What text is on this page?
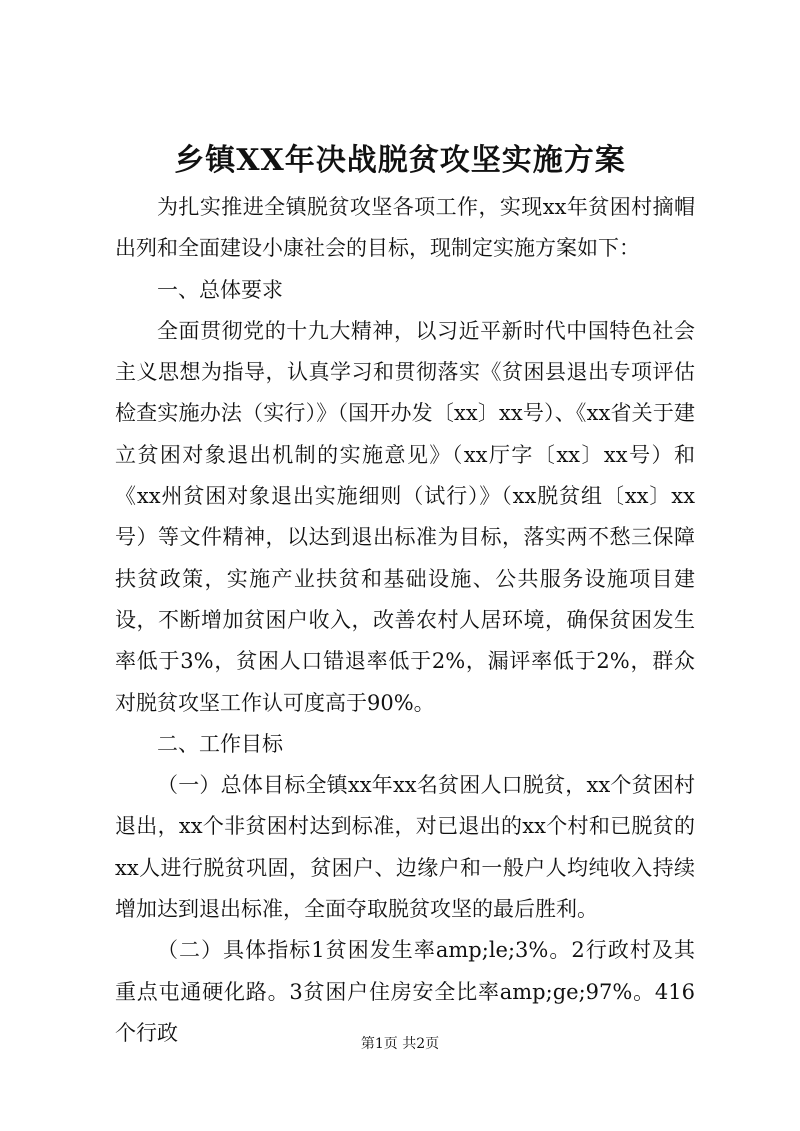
乡镇XX年决战脱贫攻坚实施方案

为扎实推进全镇脱贫攻坚各项工作，实现xx年贫困村摘帽出列和全面建设小康社会的目标，现制定实施方案如下：

一、总体要求

全面贯彻党的十九大精神，以习近平新时代中国特色社会主义思想为指导，认真学习和贯彻落实《贫困县退出专项评估检查实施办法（实行）》（国开办发〔xx〕xx号）、《xx省关于建立贫困对象退出机制的实施意见》（xx厅字〔xx〕xx号）和《xx州贫困对象退出实施细则（试行）》（xx脱贫组〔xx〕xx号）等文件精神，以达到退出标准为目标，落实两不愁三保障扶贫政策，实施产业扶贫和基础设施、公共服务设施项目建设，不断增加贫困户收入，改善农村人居环境，确保贫困发生率低于3%，贫困人口错退率低于2%，漏评率低于2%，群众对脱贫攻坚工作认可度高于90%。

二、工作目标

（一）总体目标全镇xx年xx名贫困人口脱贫，xx个贫困村退出，xx个非贫困村达到标准，对已退出的xx个村和已脱贫的xx人进行脱贫巩固，贫困户、边缘户和一般户人均纯收入持续增加达到退出标准，全面夺取脱贫攻坚的最后胜利。

（二）具体指标1贫困发生率amp;le;3%。2行政村及其重点屯通硬化路。3贫困户住房安全比率amp;ge;97%。416个行政	第1页 共2页
